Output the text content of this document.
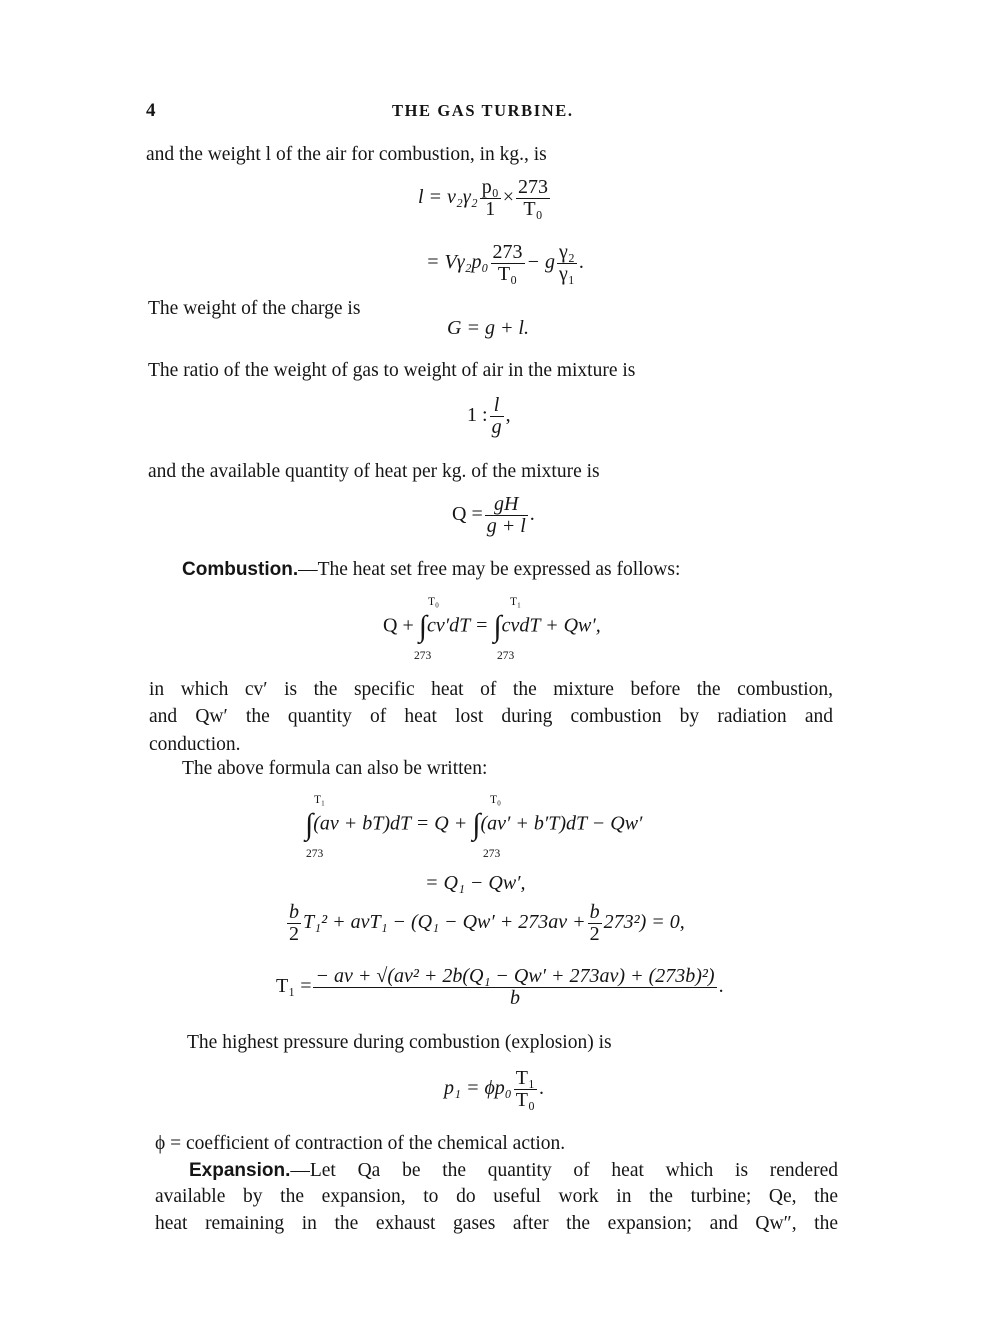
4	THE GAS TURBINE.
and the weight l of the air for combustion, in kg., is
$l = v_2\gamma_2 \frac{\text{p₀}}{1} \times \frac{273}{\text{T₀}}$
= $V\gamma_2p_0 \frac{273}{\text{T₀}} - g \frac{\text{γ₂}}{\text{γ₁}}$ .
The weight of the charge is
G = g + l.
The ratio of the weight of gas to weight of air in the mixture is
1 : $\frac{l}{g}$ ,
and the available quantity of heat per kg. of the mixture is
$Q = \frac{gH}{g + l}$ .
Combustion.—The heat set free may be expressed as follows:
Q + ∫cv′dT = ∫cvdT + Qw′,
T₀
273
T₁
273
in which cv′ is the specific heat of the mixture before the combustion,
and Qw′ the quantity of heat lost during combustion by radiation and
conduction.
The above formula can also be written:
∫(av + bT)dT = Q + ∫(av′ + b′T)dT − Qw′
T₁
273
T₀
273
= Q₁ − Qw′,
$\frac{b}{2} T_1^2 + avT_1 - (Q_1 - Qw' + 273av + \frac{b}{2} 273^2) = 0$,
$T_1 = \frac{\text{− av + √(av² + 2b(Q₁ − Qw′ + 273av) + (273b)²)}}{b}$ .
The highest pressure during combustion (explosion) is
$p_1 = \phi p_0 \frac{\text{T₁}}{\text{T₀}}$ .
ϕ = coefficient of contraction of the chemical action.
Expansion.—Let Qa be the quantity of heat which is rendered
available by the expansion, to do useful work in the turbine; Qe, the
heat remaining in the exhaust gases after the expansion; and Qw″, the
